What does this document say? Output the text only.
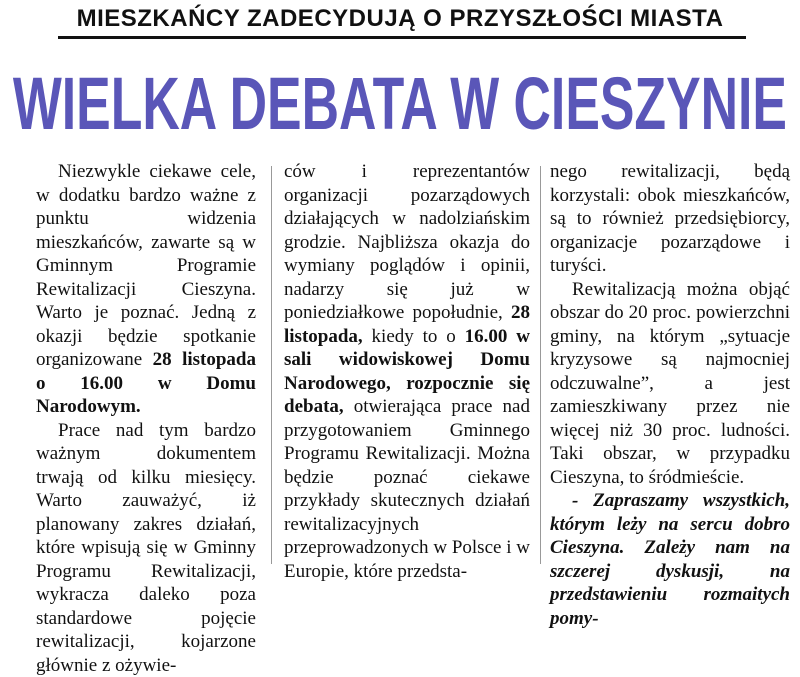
MIESZKAŃCY ZADECYDUJĄ O PRZYSZŁOŚCI MIASTA
WIELKA DEBATA W CIESZYNIE

Niezwykle ciekawe cele, w dodatku bardzo ważne z punktu widzenia mieszkańców, zawarte są w Gminnym Programie Rewitalizacji Cieszyna. Warto je poznać. Jedną z okazji będzie spotkanie organizowane 28 listopada o 16.00 w Domu Narodowym.

Prace nad tym bardzo ważnym dokumentem trwają od kilku miesięcy. Warto zauważyć, iż planowany zakres działań, które wpisują się w Gminny Programu Rewitalizacji, wykracza daleko poza standardowe pojęcie rewitalizacji, kojarzone głównie z ożywie-

ców i reprezentantów organizacji pozarządowych działających w nadolziańskim grodzie. Najbliższa okazja do wymiany poglądów i opinii, nadarzy się już w poniedziałkowe popołudnie, 28 listopada, kiedy to o 16.00 w sali widowiskowej Domu Narodowego, rozpocznie się debata, otwierająca prace nad przygotowaniem Gminnego Programu Rewitalizacji. Można będzie poznać ciekawe przykłady skutecznych działań rewitalizacyjnych przeprowadzonych w Polsce i w Europie, które przedsta-

nego rewitalizacji, będą korzystali: obok mieszkańców, są to również przedsiębiorcy, organizacje pozarządowe i turyści.

Rewitalizacją można objąć obszar do 20 proc. powierzchni gminy, na którym „sytuacje kryzysowe są najmocniej odczuwalne”, a jest zamieszkiwany przez nie więcej niż 30 proc. ludności. Taki obszar, w przypadku Cieszyna, to śródmieście.

- Zapraszamy wszystkich, którym leży na sercu dobro Cieszyna. Zależy nam na szczerej dyskusji, na przedstawieniu rozmaitych pomy-
